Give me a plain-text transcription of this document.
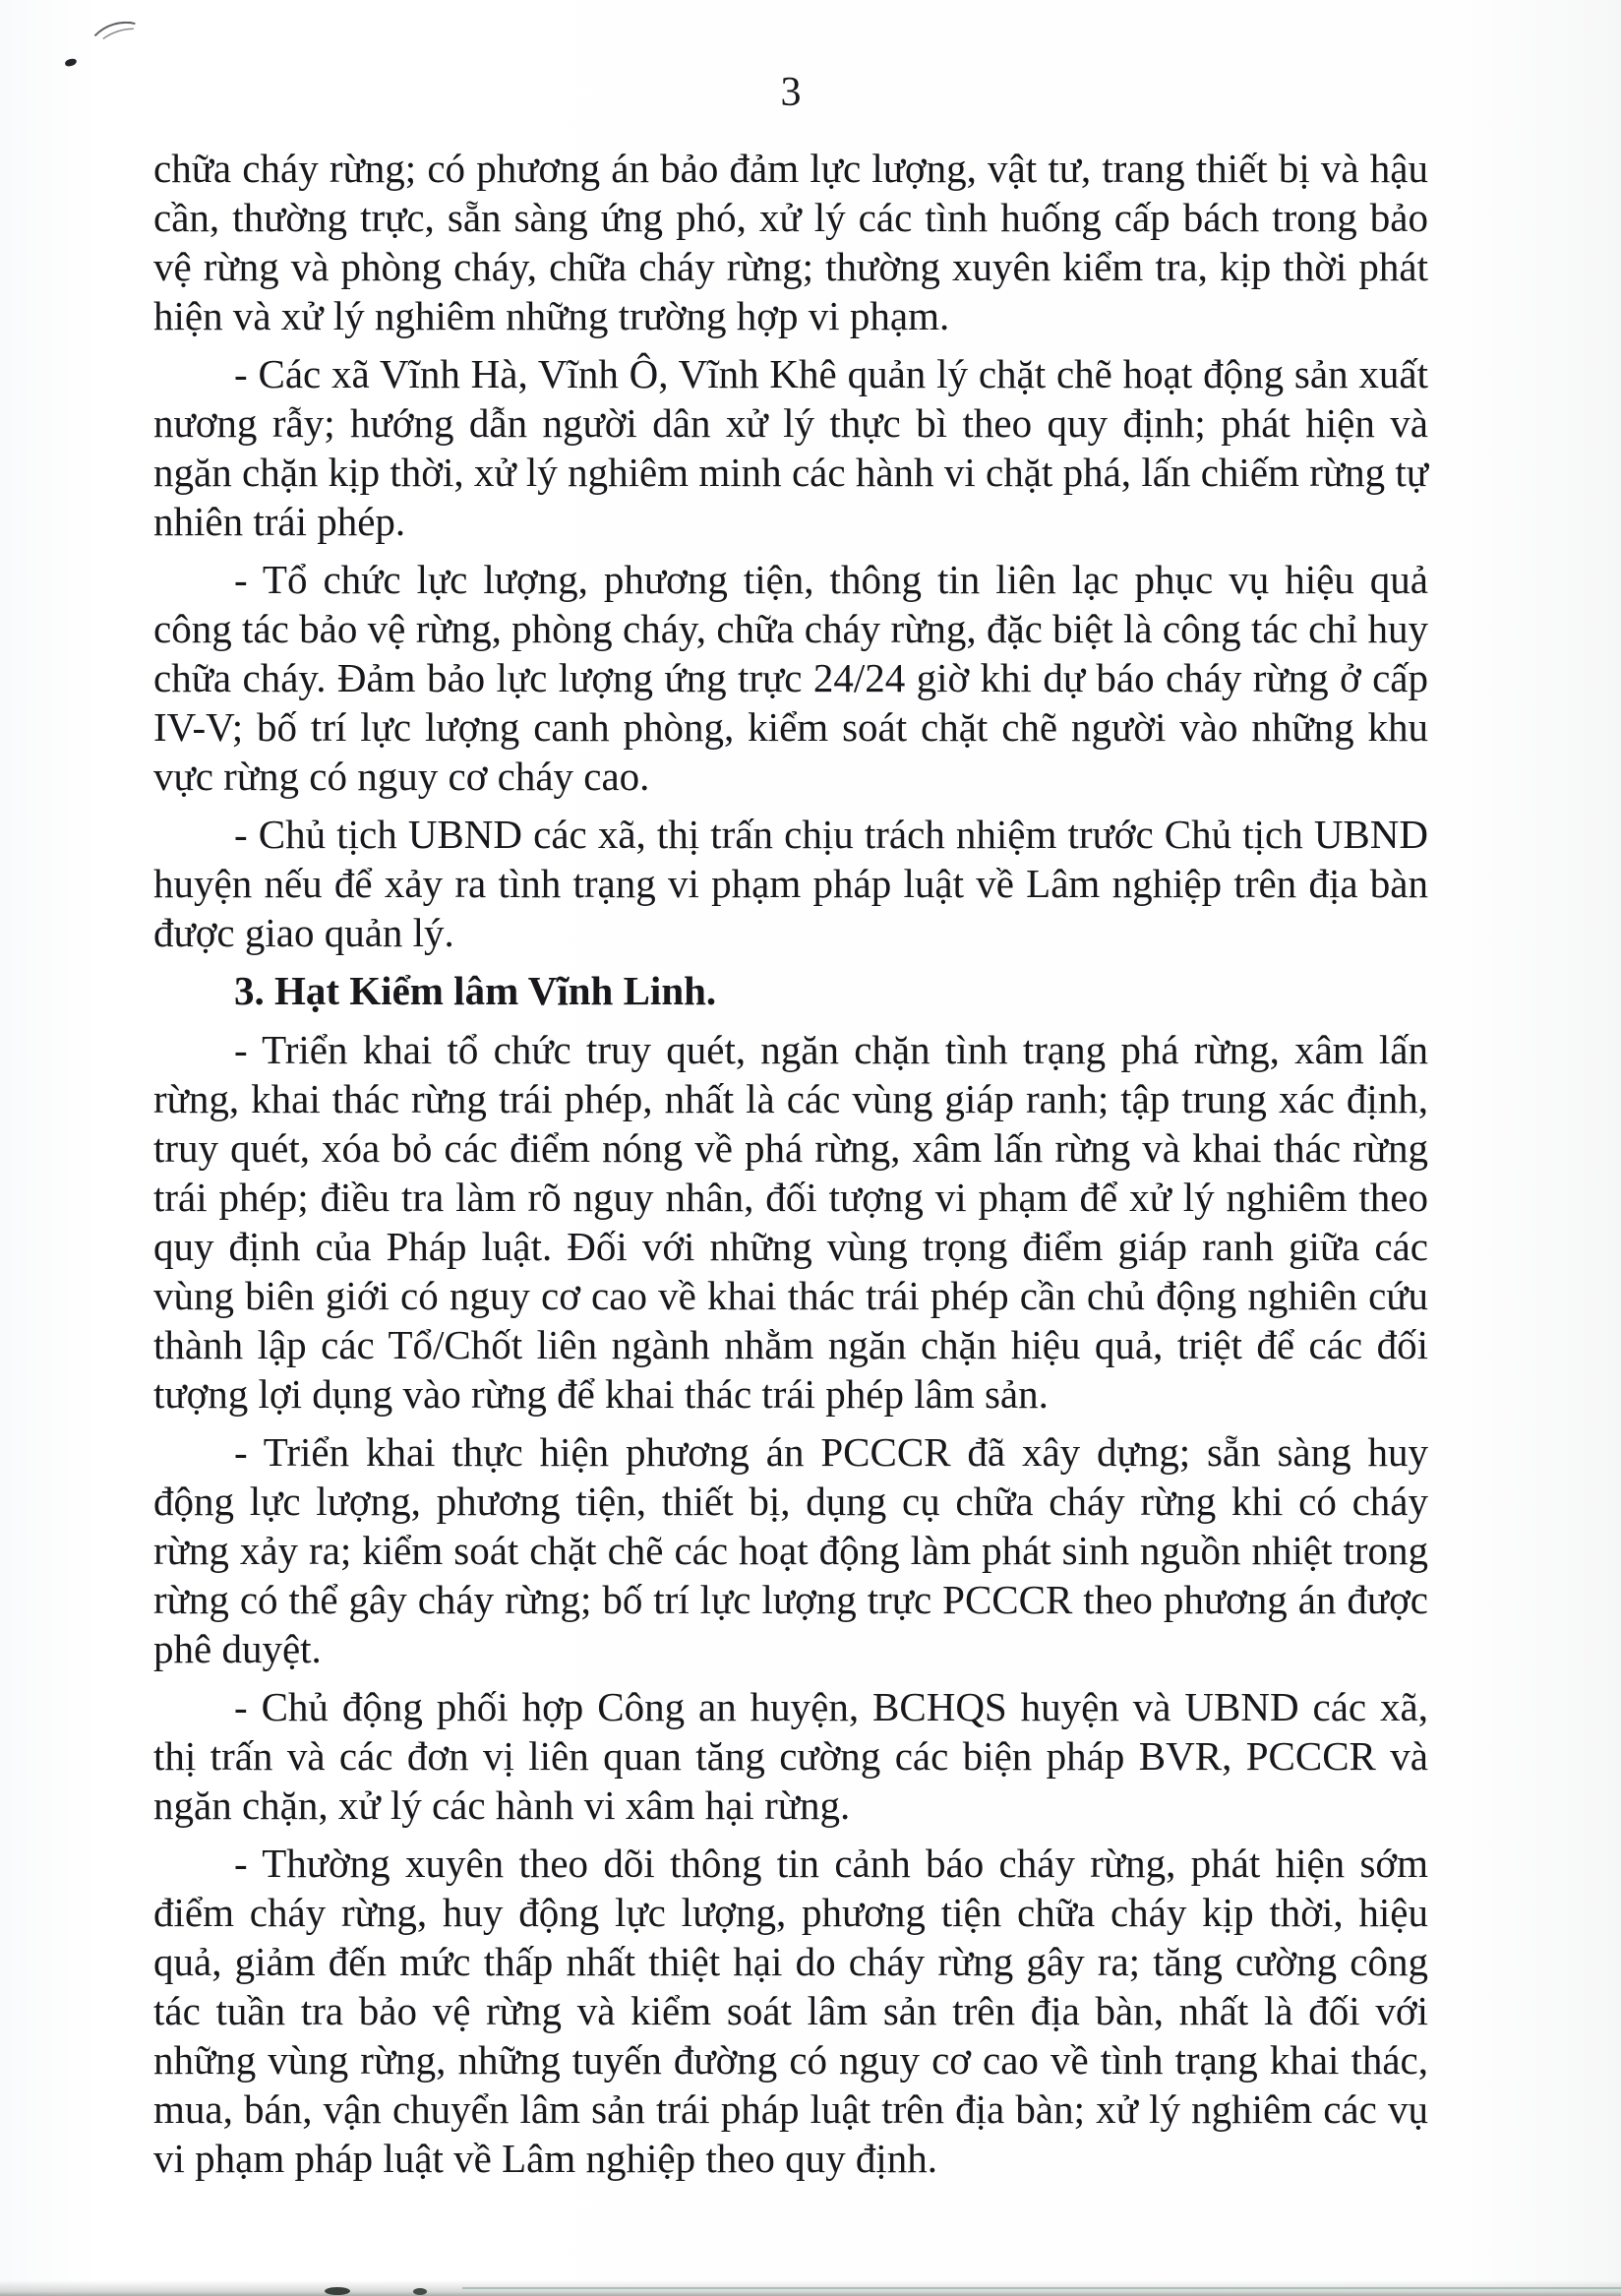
3

chữa cháy rừng; có phương án bảo đảm lực lượng, vật tư, trang thiết bị và hậu cần, thường trực, sẵn sàng ứng phó, xử lý các tình huống cấp bách trong bảo vệ rừng và phòng cháy, chữa cháy rừng; thường xuyên kiểm tra, kịp thời phát hiện và xử lý nghiêm những trường hợp vi phạm.

- Các xã Vĩnh Hà, Vĩnh Ô, Vĩnh Khê quản lý chặt chẽ hoạt động sản xuất nương rẫy; hướng dẫn người dân xử lý thực bì theo quy định; phát hiện và ngăn chặn kịp thời, xử lý nghiêm minh các hành vi chặt phá, lấn chiếm rừng tự nhiên trái phép.

- Tổ chức lực lượng, phương tiện, thông tin liên lạc phục vụ hiệu quả công tác bảo vệ rừng, phòng cháy, chữa cháy rừng, đặc biệt là công tác chỉ huy chữa cháy. Đảm bảo lực lượng ứng trực 24/24 giờ khi dự báo cháy rừng ở cấp IV-V; bố trí lực lượng canh phòng, kiểm soát chặt chẽ người vào những khu vực rừng có nguy cơ cháy cao.

- Chủ tịch UBND các xã, thị trấn chịu trách nhiệm trước Chủ tịch UBND huyện nếu để xảy ra tình trạng vi phạm pháp luật về Lâm nghiệp trên địa bàn được giao quản lý.

3. Hạt Kiểm lâm Vĩnh Linh.

- Triển khai tổ chức truy quét, ngăn chặn tình trạng phá rừng, xâm lấn rừng, khai thác rừng trái phép, nhất là các vùng giáp ranh; tập trung xác định, truy quét, xóa bỏ các điểm nóng về phá rừng, xâm lấn rừng và khai thác rừng trái phép; điều tra làm rõ nguy nhân, đối tượng vi phạm để xử lý nghiêm theo quy định của Pháp luật. Đối với những vùng trọng điểm giáp ranh giữa các vùng biên giới có nguy cơ cao về khai thác trái phép cần chủ động nghiên cứu thành lập các Tổ/Chốt liên ngành nhằm ngăn chặn hiệu quả, triệt để các đối tượng lợi dụng vào rừng để khai thác trái phép lâm sản.

- Triển khai thực hiện phương án PCCCR đã xây dựng; sẵn sàng huy động lực lượng, phương tiện, thiết bị, dụng cụ chữa cháy rừng khi có cháy rừng xảy ra; kiểm soát chặt chẽ các hoạt động làm phát sinh nguồn nhiệt trong rừng có thể gây cháy rừng; bố trí lực lượng trực PCCCR theo phương án được phê duyệt.

- Chủ động phối hợp Công an huyện, BCHQS huyện và UBND các xã, thị trấn và các đơn vị liên quan tăng cường các biện pháp BVR, PCCCR và ngăn chặn, xử lý các hành vi xâm hại rừng.

- Thường xuyên theo dõi thông tin cảnh báo cháy rừng, phát hiện sớm điểm cháy rừng, huy động lực lượng, phương tiện chữa cháy kịp thời, hiệu quả, giảm đến mức thấp nhất thiệt hại do cháy rừng gây ra; tăng cường công tác tuần tra bảo vệ rừng và kiểm soát lâm sản trên địa bàn, nhất là đối với những vùng rừng, những tuyến đường có nguy cơ cao về tình trạng khai thác, mua, bán, vận chuyển lâm sản trái pháp luật trên địa bàn; xử lý nghiêm các vụ vi phạm pháp luật về Lâm nghiệp theo quy định.
